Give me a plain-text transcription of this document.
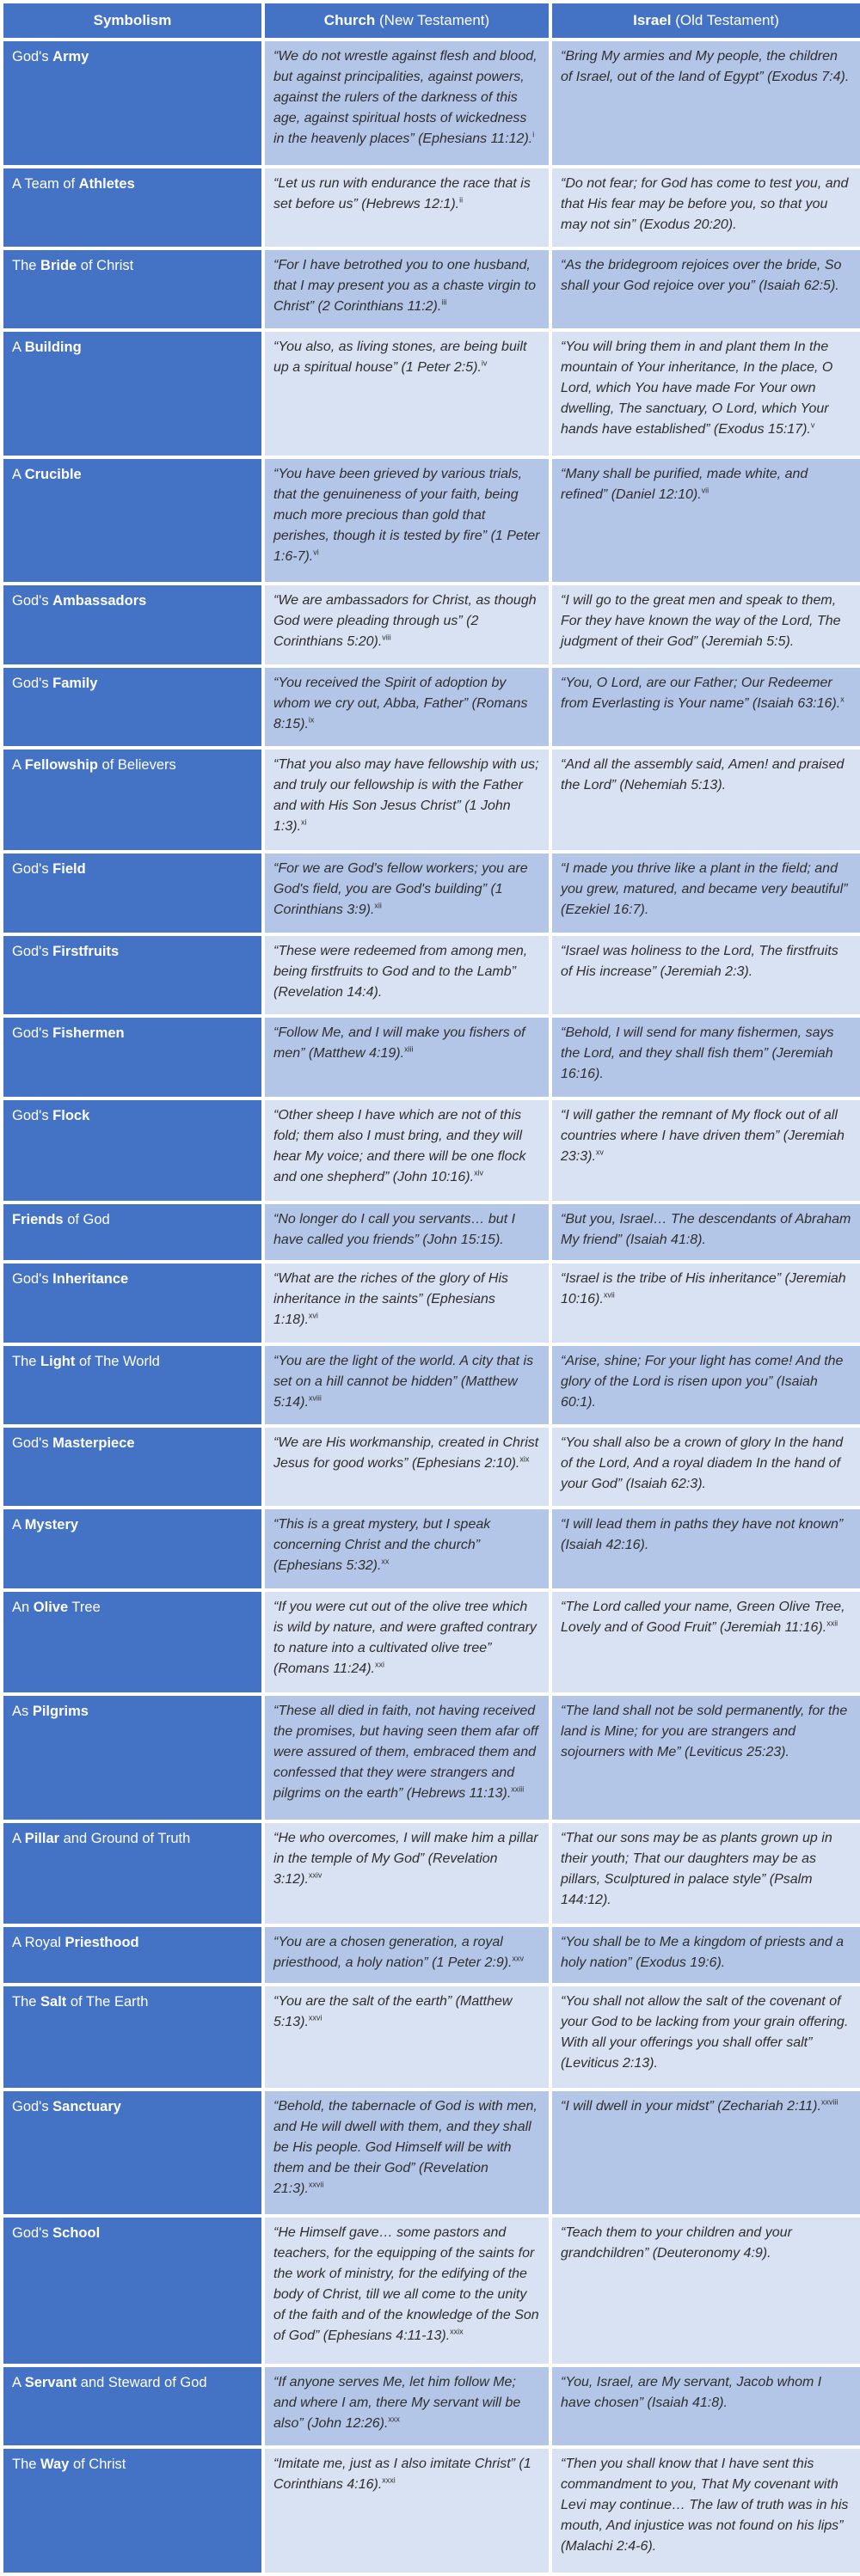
Symbolism	Church (New Testament)	Israel (Old Testament)
God's Army	“We do not wrestle against flesh and blood, but against principalities, against powers, against the rulers of the darkness of this age, against spiritual hosts of wickedness in the heavenly places” (Ephesians 11:12).$^i$	“Bring My armies and My people, the children of Israel, out of the land of Egypt” (Exodus 7:4).
A Team of Athletes	“Let us run with endurance the race that is set before us” (Hebrews 12:1).$^{ii}$	“Do not fear; for God has come to test you, and that His fear may be before you, so that you may not sin” (Exodus 20:20).
The Bride of Christ	“For I have betrothed you to one husband, that I may present you as a chaste virgin to Christ” (2 Corinthians 11:2).$^{iii}$	“As the bridegroom rejoices over the bride, So shall your God rejoice over you” (Isaiah 62:5).
A Building	“You also, as living stones, are being built up a spiritual house” (1 Peter 2:5).$^{iv}$	“You will bring them in and plant them In the mountain of Your inheritance, In the place, O Lord, which You have made For Your own dwelling, The sanctuary, O Lord, which Your hands have established” (Exodus 15:17).$^v$
A Crucible	“You have been grieved by various trials, that the genuineness of your faith, being much more precious than gold that perishes, though it is tested by fire” (1 Peter 1:6-7).$^{vi}$	“Many shall be purified, made white, and refined” (Daniel 12:10).$^{vii}$
God's Ambassadors	“We are ambassadors for Christ, as though God were pleading through us” (2 Corinthians 5:20).$^{viii}$	“I will go to the great men and speak to them, For they have known the way of the Lord, The judgment of their God” (Jeremiah 5:5).
God's Family	“You received the Spirit of adoption by whom we cry out, Abba, Father” (Romans 8:15).$^{ix}$	“You, O Lord, are our Father; Our Redeemer from Everlasting is Your name” (Isaiah 63:16).$^x$
A Fellowship of Believers	“That you also may have fellowship with us; and truly our fellowship is with the Father and with His Son Jesus Christ” (1 John 1:3).$^{xi}$	“And all the assembly said, Amen! and praised the Lord” (Nehemiah 5:13).
God's Field	“For we are God's fellow workers; you are God's field, you are God's building” (1 Corinthians 3:9).$^{xii}$	“I made you thrive like a plant in the field; and you grew, matured, and became very beautiful” (Ezekiel 16:7).
God's Firstfruits	“These were redeemed from among men, being firstfruits to God and to the Lamb” (Revelation 14:4).	“Israel was holiness to the Lord, The firstfruits of His increase” (Jeremiah 2:3).
God's Fishermen	“Follow Me, and I will make you fishers of men” (Matthew 4:19).$^{xiii}$	“Behold, I will send for many fishermen, says the Lord, and they shall fish them” (Jeremiah 16:16).
God's Flock	“Other sheep I have which are not of this fold; them also I must bring, and they will hear My voice; and there will be one flock and one shepherd” (John 10:16).$^{xiv}$	“I will gather the remnant of My flock out of all countries where I have driven them” (Jeremiah 23:3).$^{xv}$
Friends of God	“No longer do I call you servants… but I have called you friends” (John 15:15).	“But you, Israel… The descendants of Abraham My friend” (Isaiah 41:8).
God's Inheritance	“What are the riches of the glory of His inheritance in the saints” (Ephesians 1:18).$^{xvi}$	“Israel is the tribe of His inheritance” (Jeremiah 10:16).$^{xvii}$
The Light of The World	“You are the light of the world. A city that is set on a hill cannot be hidden” (Matthew 5:14).$^{xviii}$	“Arise, shine; For your light has come! And the glory of the Lord is risen upon you” (Isaiah 60:1).
God's Masterpiece	“We are His workmanship, created in Christ Jesus for good works” (Ephesians 2:10).$^{xix}$	“You shall also be a crown of glory In the hand of the Lord, And a royal diadem In the hand of your God” (Isaiah 62:3).
A Mystery	“This is a great mystery, but I speak concerning Christ and the church” (Ephesians 5:32).$^{xx}$	“I will lead them in paths they have not known” (Isaiah 42:16).
An Olive Tree	“If you were cut out of the olive tree which is wild by nature, and were grafted contrary to nature into a cultivated olive tree” (Romans 11:24).$^{xxi}$	“The Lord called your name, Green Olive Tree, Lovely and of Good Fruit” (Jeremiah 11:16).$^{xxii}$
As Pilgrims	“These all died in faith, not having received the promises, but having seen them afar off were assured of them, embraced them and confessed that they were strangers and pilgrims on the earth” (Hebrews 11:13).$^{xxiii}$	“The land shall not be sold permanently, for the land is Mine; for you are strangers and sojourners with Me” (Leviticus 25:23).
A Pillar and Ground of Truth	“He who overcomes, I will make him a pillar in the temple of My God” (Revelation 3:12).$^{xxiv}$	“That our sons may be as plants grown up in their youth; That our daughters may be as pillars, Sculptured in palace style” (Psalm 144:12).
A Royal Priesthood	“You are a chosen generation, a royal priesthood, a holy nation” (1 Peter 2:9).$^{xxv}$	“You shall be to Me a kingdom of priests and a holy nation” (Exodus 19:6).
The Salt of The Earth	“You are the salt of the earth” (Matthew 5:13).$^{xxvi}$	“You shall not allow the salt of the covenant of your God to be lacking from your grain offering. With all your offerings you shall offer salt” (Leviticus 2:13).
God's Sanctuary	“Behold, the tabernacle of God is with men, and He will dwell with them, and they shall be His people. God Himself will be with them and be their God” (Revelation 21:3).$^{xxvii}$	“I will dwell in your midst” (Zechariah 2:11).$^{xxviii}$
God's School	“He Himself gave… some pastors and teachers, for the equipping of the saints for the work of ministry, for the edifying of the body of Christ, till we all come to the unity of the faith and of the knowledge of the Son of God” (Ephesians 4:11-13).$^{xxix}$	“Teach them to your children and your grandchildren” (Deuteronomy 4:9).
A Servant and Steward of God	“If anyone serves Me, let him follow Me; and where I am, there My servant will be also” (John 12:26).$^{xxx}$	“You, Israel, are My servant, Jacob whom I have chosen” (Isaiah 41:8).
The Way of Christ	“Imitate me, just as I also imitate Christ” (1 Corinthians 4:16).$^{xxxi}$	“Then you shall know that I have sent this commandment to you, That My covenant with Levi may continue… The law of truth was in his mouth, And injustice was not found on his lips” (Malachi 2:4-6).
